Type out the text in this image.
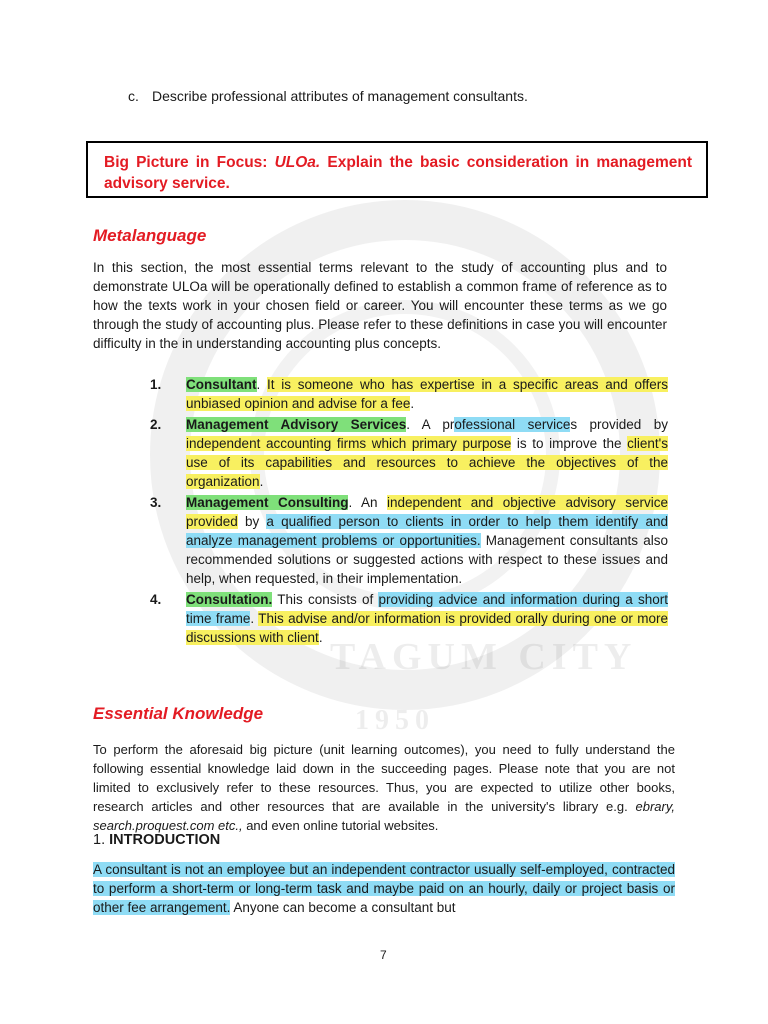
TAGUM CITY
1950
c. Describe professional attributes of management consultants.
Big Picture in Focus: ULOa. Explain the basic consideration in management advisory service.
Metalanguage
In this section, the most essential terms relevant to the study of accounting plus and to demonstrate ULOa will be operationally defined to establish a common frame of reference as to how the texts work in your chosen field or career. You will encounter these terms as we go through the study of accounting plus. Please refer to these definitions in case you will encounter difficulty in the in understanding accounting plus concepts.
1. Consultant. It is someone who has expertise in a specific areas and offers unbiased opinion and advise for a fee.
2. Management Advisory Services. A professional services provided by independent accounting firms which primary purpose is to improve the client's use of its capabilities and resources to achieve the objectives of the organization.
3. Management Consulting. An independent and objective advisory service provided by a qualified person to clients in order to help them identify and analyze management problems or opportunities. Management consultants also recommended solutions or suggested actions with respect to these issues and help, when requested, in their implementation.
4. Consultation. This consists of providing advice and information during a short time frame. This advise and/or information is provided orally during one or more discussions with client.
Essential Knowledge
To perform the aforesaid big picture (unit learning outcomes), you need to fully understand the following essential knowledge laid down in the succeeding pages. Please note that you are not limited to exclusively refer to these resources. Thus, you are expected to utilize other books, research articles and other resources that are available in the university's library e.g. ebrary, search.proquest.com etc., and even online tutorial websites.
1. INTRODUCTION
A consultant is not an employee but an independent contractor usually self-employed, contracted to perform a short-term or long-term task and maybe paid on an hourly, daily or project basis or other fee arrangement. Anyone can become a consultant but
7
